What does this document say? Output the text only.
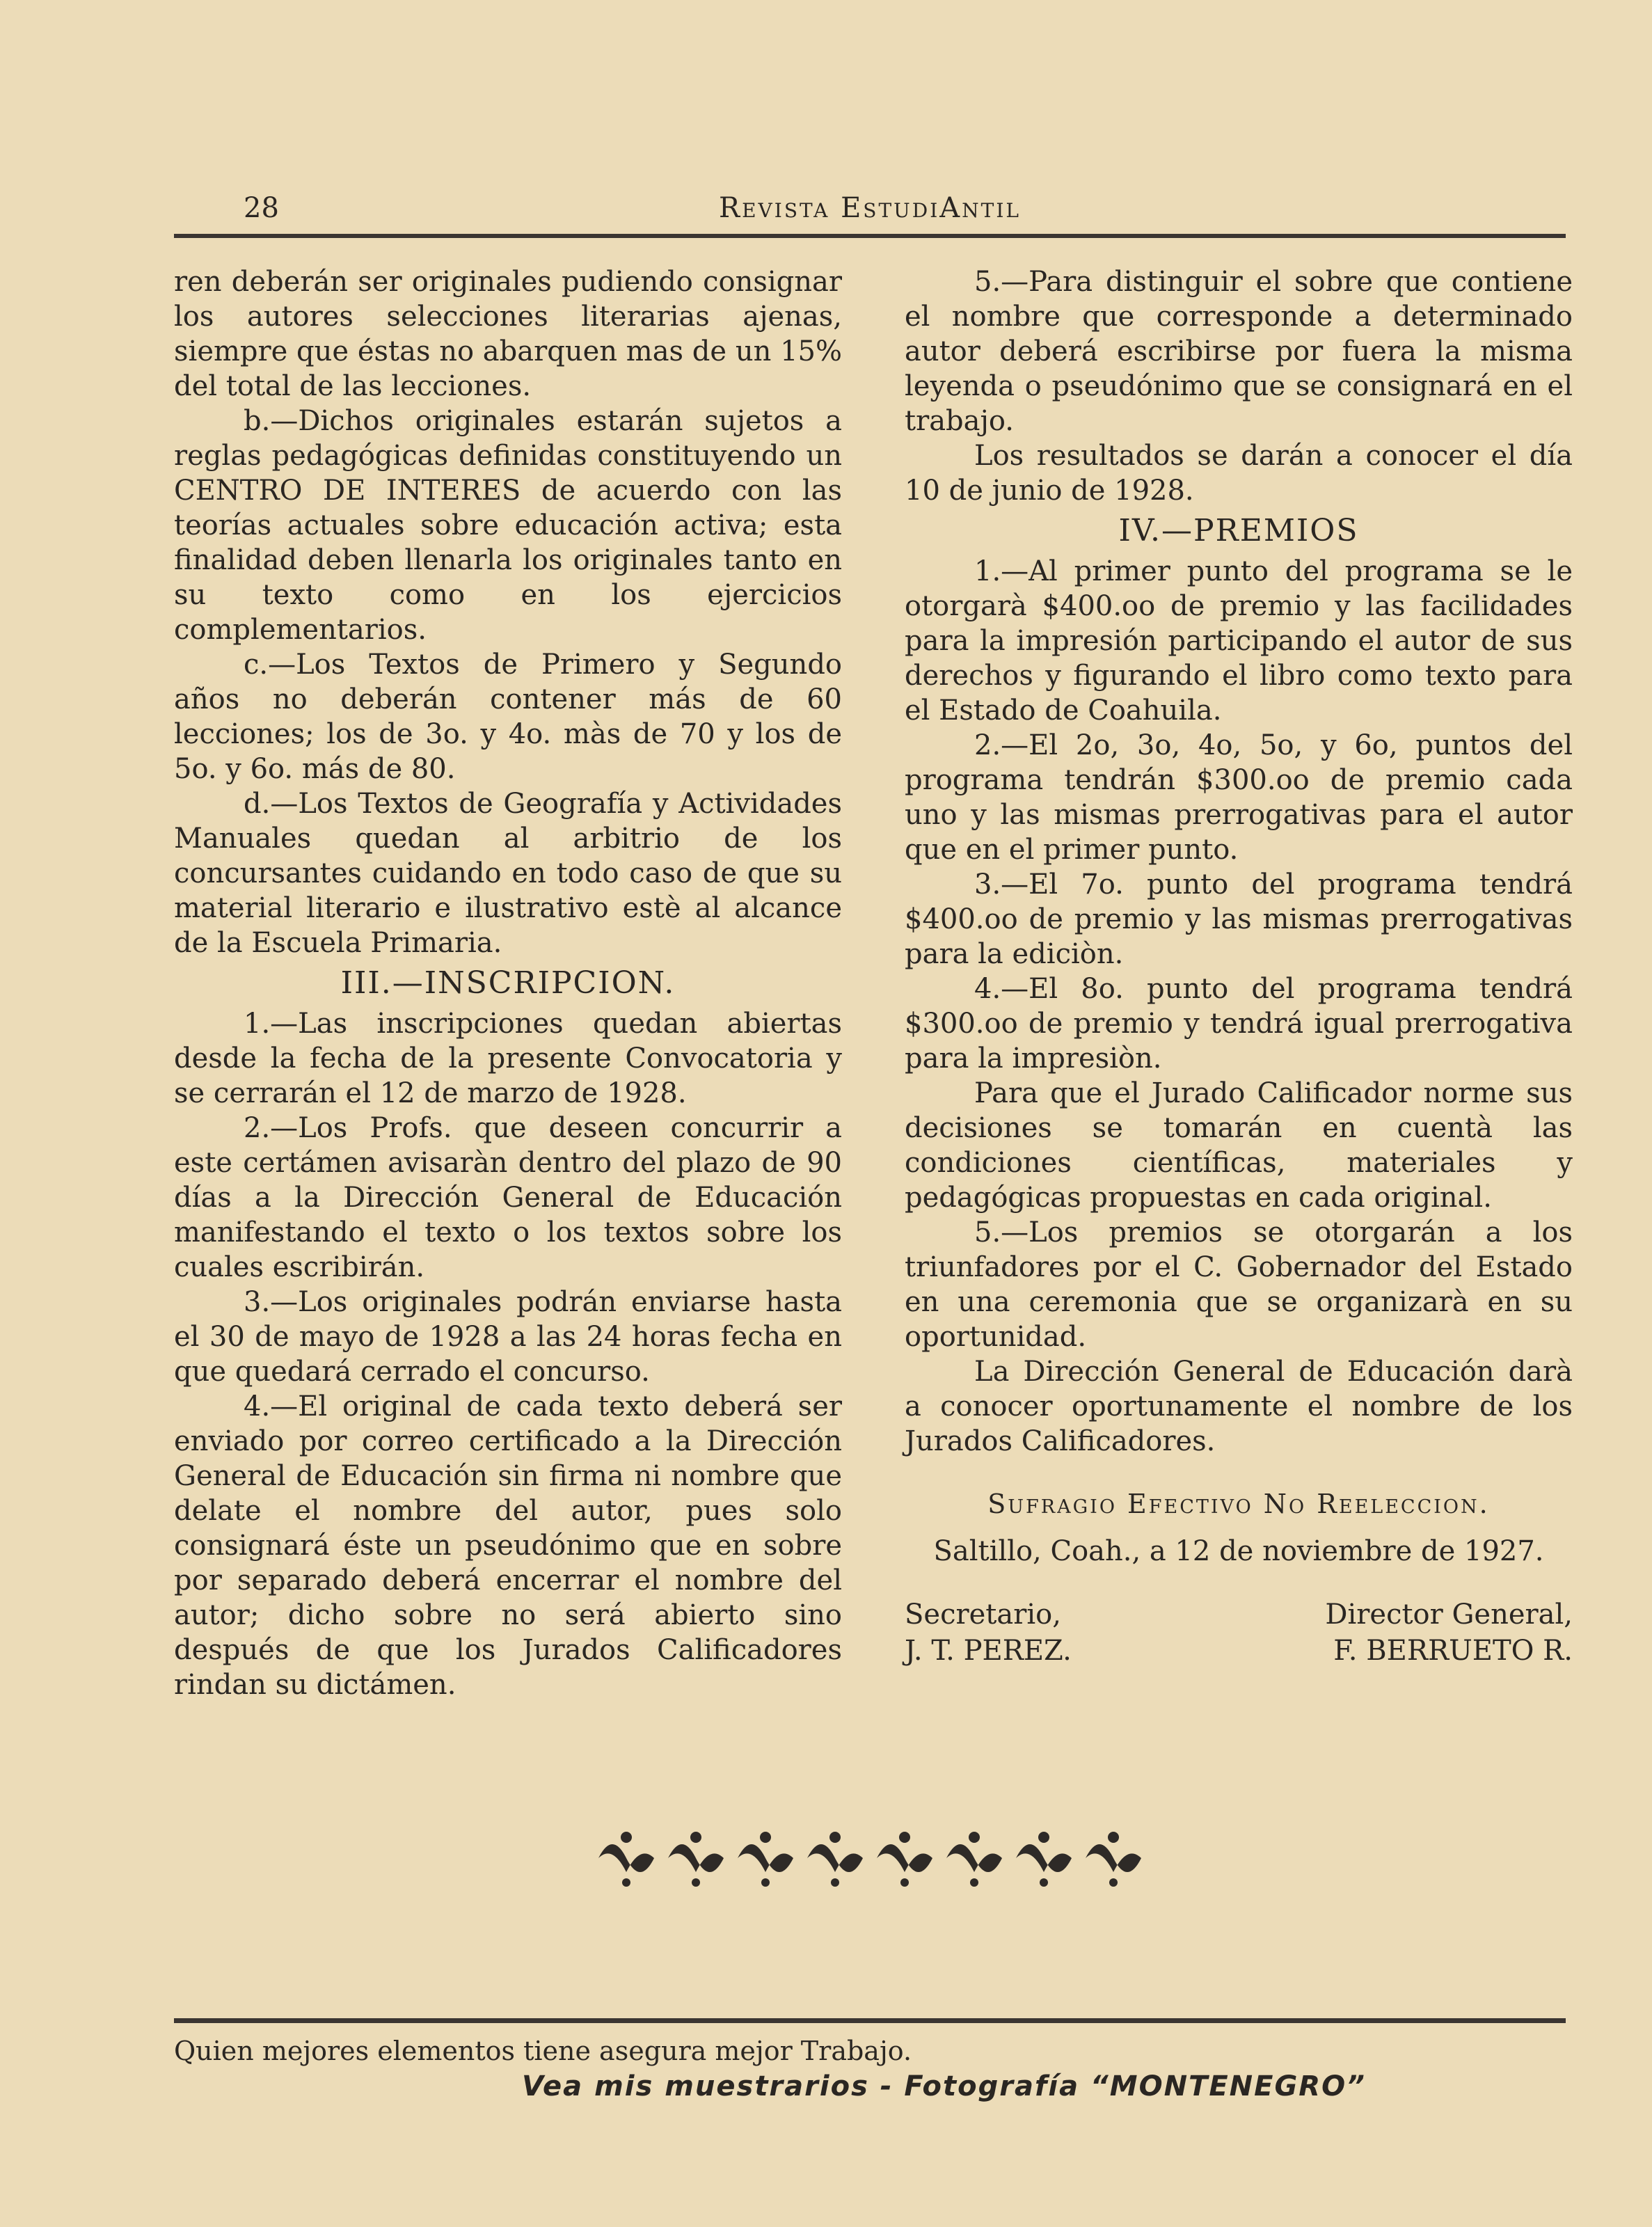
28	Revista EstudiAntil

ren deberán ser originales pudiendo consignar los autores selecciones literarias ajenas, siempre que éstas no abarquen mas de un 15% del total de las lecciones.

b.—Dichos originales estarán sujetos a reglas pedagógicas definidas constituyendo un CENTRO DE INTERES de acuerdo con las teorías actuales sobre educación activa; esta finalidad deben llenarla los originales tanto en su texto como en los ejercicios complementarios.

c.—Los Textos de Primero y Segundo años no deberán contener más de 60 lecciones; los de 3o. y 4o. màs de 70 y los de 5o. y 6o. más de 80.

d.—Los Textos de Geografía y Actividades Manuales quedan al arbitrio de los concursantes cuidando en todo caso de que su material literario e ilustrativo estè al alcance de la Escuela Primaria.

III.—INSCRIPCION.

1.—Las inscripciones quedan abiertas desde la fecha de la presente Convocatoria y se cerrarán el 12 de marzo de 1928.

2.—Los Profs. que deseen concurrir a este certámen avisaràn dentro del plazo de 90 días a la Dirección General de Educación manifestando el texto o los textos sobre los cuales escribirán.

3.—Los originales podrán enviarse hasta el 30 de mayo de 1928 a las 24 horas fecha en que quedará cerrado el concurso.

4.—El original de cada texto deberá ser enviado por correo certificado a la Dirección General de Educación sin firma ni nombre que delate el nombre del autor, pues solo consignará éste un pseudónimo que en sobre por separado deberá encerrar el nombre del autor; dicho sobre no será abierto sino después de que los Jurados Calificadores rindan su dictámen.

5.—Para distinguir el sobre que contiene el nombre que corresponde a determinado autor deberá escribirse por fuera la misma leyenda o pseudónimo que se consignará en el trabajo.

Los resultados se darán a conocer el día 10 de junio de 1928.

IV.—PREMIOS

1.—Al primer punto del programa se le otorgarà $400.oo de premio y las facilidades para la impresión participando el autor de sus derechos y figurando el libro como texto para el Estado de Coahuila.

2.—El 2o, 3o, 4o, 5o, y 6o, puntos del programa tendrán $300.oo de premio cada uno y las mismas prerrogativas para el autor que en el primer punto.

3.—El 7o. punto del programa tendrá $400.oo de premio y las mismas prerrogativas para la ediciòn.

4.—El 8o. punto del programa tendrá $300.oo de premio y tendrá igual prerrogativa para la impresiòn.

Para que el Jurado Calificador norme sus decisiones se tomarán en cuentà las condiciones científicas, materiales y pedagógicas propuestas en cada original.

5.—Los premios se otorgarán a los triunfadores por el C. Gobernador del Estado en una ceremonia que se organizarà en su oportunidad.

La Dirección General de Educación darà a conocer oportunamente el nombre de los Jurados Calificadores.

Sufragio Efectivo No Reeleccion.
Saltillo, Coah., a 12 de noviembre de 1927.
Secretario,
J. T. PEREZ.
Director General,
F. BERRUETO R.
Quien mejores elementos tiene asegura mejor Trabajo.
Vea mis muestrarios - Fotografía “MONTENEGRO”
